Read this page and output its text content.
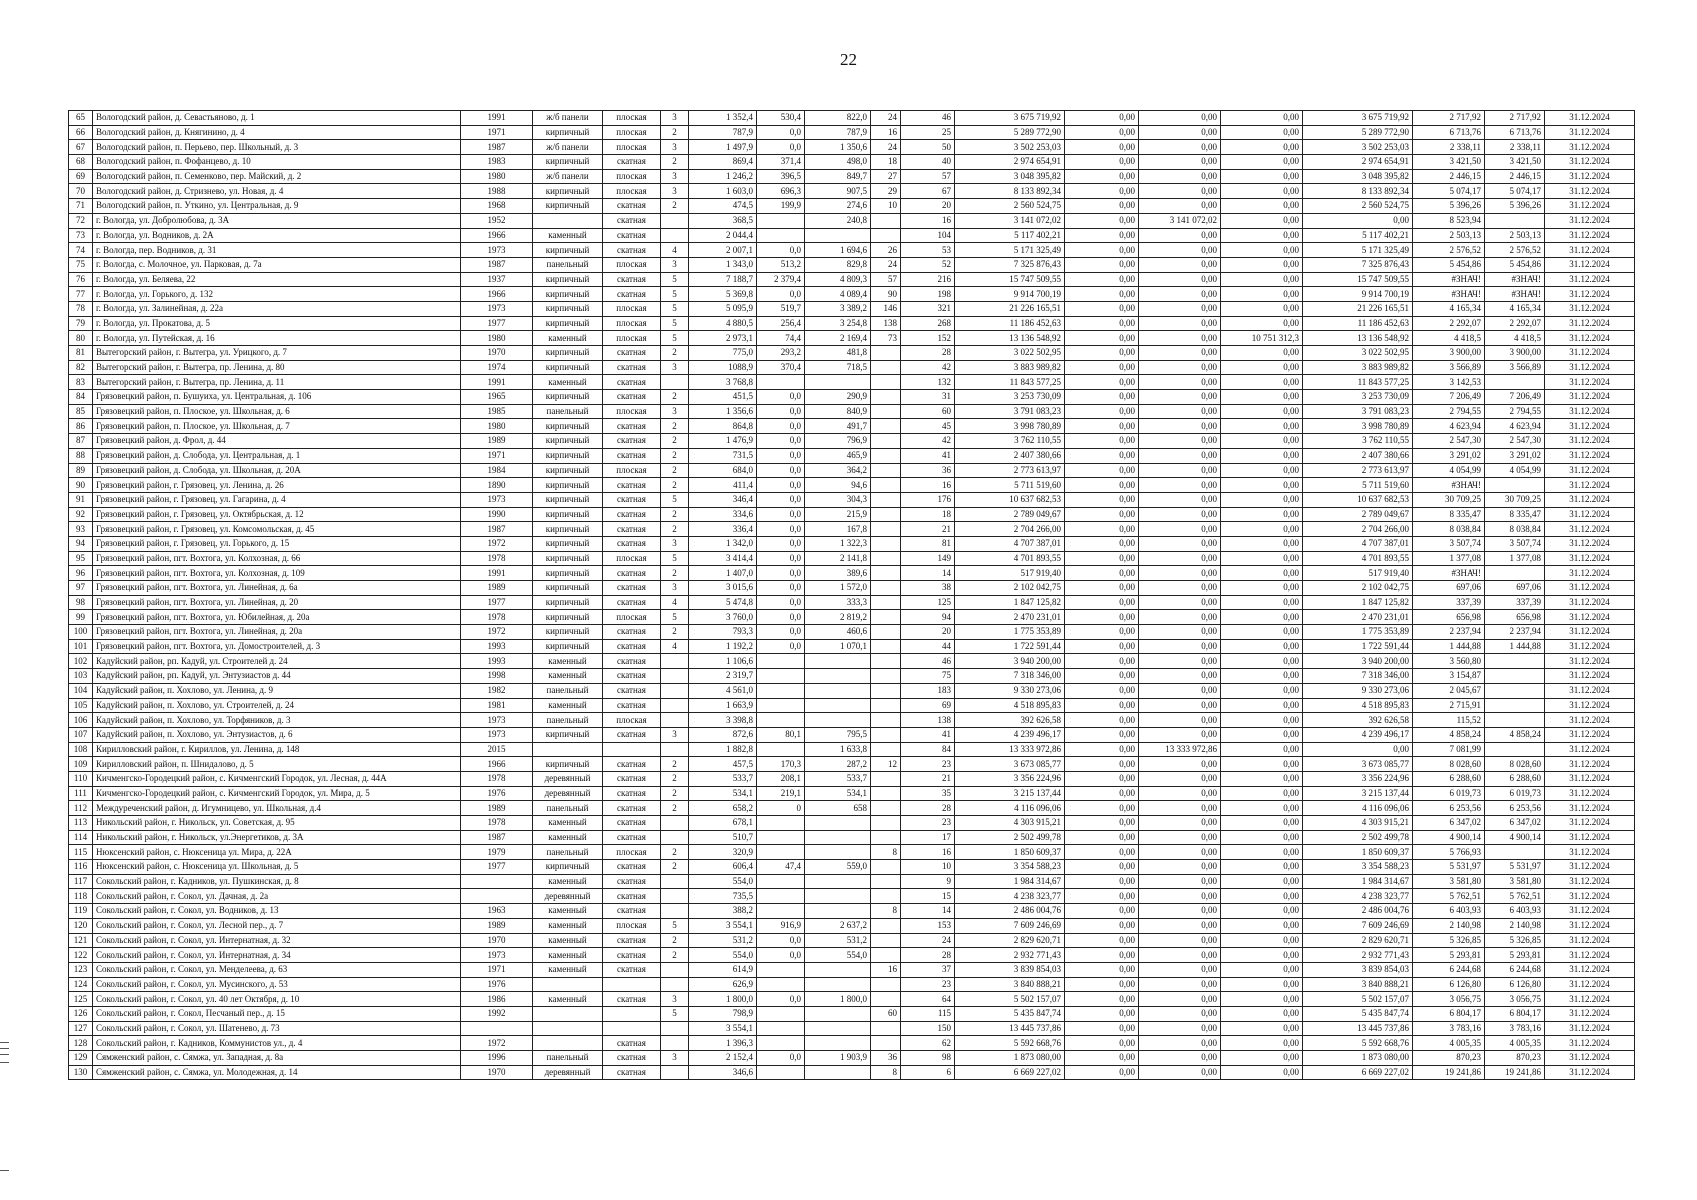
22
65	Вологодский район, д. Севастьяново, д. 1	1991	ж/б панели	плоская	3	1 352,4	530,4	822,0	24	46	3 675 719,92	0,00	0,00	0,00	3 675 719,92	2 717,92	2 717,92	31.12.2024
66	Вологодский район, д. Княгинино, д. 4	1971	кирпичный	плоская	2	787,9	0,0	787,9	16	25	5 289 772,90	0,00	0,00	0,00	5 289 772,90	6 713,76	6 713,76	31.12.2024
67	Вологодский район, п. Перьево, пер. Школьный, д. 3	1987	ж/б панели	плоская	3	1 497,9	0,0	1 350,6	24	50	3 502 253,03	0,00	0,00	0,00	3 502 253,03	2 338,11	2 338,11	31.12.2024
68	Вологодский район, п. Фофанцево, д. 10	1983	кирпичный	скатная	2	869,4	371,4	498,0	18	40	2 974 654,91	0,00	0,00	0,00	2 974 654,91	3 421,50	3 421,50	31.12.2024
69	Вологодский район, п. Семенково, пер. Майский, д. 2	1980	ж/б панели	плоская	3	1 246,2	396,5	849,7	27	57	3 048 395,82	0,00	0,00	0,00	3 048 395,82	2 446,15	2 446,15	31.12.2024
70	Вологодский район, д. Стризнево, ул. Новая, д. 4	1988	кирпичный	плоская	3	1 603,0	696,3	907,5	29	67	8 133 892,34	0,00	0,00	0,00	8 133 892,34	5 074,17	5 074,17	31.12.2024
71	Вологодский район, п. Уткино, ул. Центральная, д. 9	1968	кирпичный	скатная	2	474,5	199,9	274,6	10	20	2 560 524,75	0,00	0,00	0,00	2 560 524,75	5 396,26	5 396,26	31.12.2024
72	г. Вологда, ул. Добролюбова, д. 3А	1952		скатная		368,5		240,8		16	3 141 072,02	0,00	3 141 072,02	0,00	0,00	8 523,94		31.12.2024
73	г. Вологда, ул. Водников, д. 2А	1966	каменный	скатная		2 044,4				104	5 117 402,21	0,00	0,00	0,00	5 117 402,21	2 503,13	2 503,13	31.12.2024
74	г. Вологда, пер. Водников, д. 31	1973	кирпичный	скатная	4	2 007,1	0,0	1 694,6	26	53	5 171 325,49	0,00	0,00	0,00	5 171 325,49	2 576,52	2 576,52	31.12.2024
75	г. Вологда, с. Молочное, ул. Парковая, д. 7а	1987	панельный	плоская	3	1 343,0	513,2	829,8	24	52	7 325 876,43	0,00	0,00	0,00	7 325 876,43	5 454,86	5 454,86	31.12.2024
76	г. Вологда, ул. Беляева, 22	1937	кирпичный	скатная	5	7 188,7	2 379,4	4 809,3	57	216	15 747 509,55	0,00	0,00	0,00	15 747 509,55	#ЗНАЧ!	#ЗНАЧ!	31.12.2024
77	г. Вологда, ул. Горького, д. 132	1966	кирпичный	скатная	5	5 369,8	0,0	4 089,4	90	198	9 914 700,19	0,00	0,00	0,00	9 914 700,19	#ЗНАЧ!	#ЗНАЧ!	31.12.2024
78	г. Вологда, ул. Залинейная, д. 22а	1973	кирпичный	плоская	5	5 095,9	519,7	3 389,2	146	321	21 226 165,51	0,00	0,00	0,00	21 226 165,51	4 165,34	4 165,34	31.12.2024
79	г. Вологда, ул. Прокатова, д. 5	1977	кирпичный	плоская	5	4 880,5	256,4	3 254,8	138	268	11 186 452,63	0,00	0,00	0,00	11 186 452,63	2 292,07	2 292,07	31.12.2024
80	г. Вологда, ул. Путейская, д. 16	1980	каменный	плоская	5	2 973,1	74,4	2 169,4	73	152	13 136 548,92	0,00	0,00	10 751 312,3	13 136 548,92	4 418,5	4 418,5	31.12.2024
81	Вытегорский район, г. Вытегра, ул. Урицкого, д. 7	1970	кирпичный	скатная	2	775,0	293,2	481,8		28	3 022 502,95	0,00	0,00	0,00	3 022 502,95	3 900,00	3 900,00	31.12.2024
82	Вытегорский район, г. Вытегра, пр. Ленина, д. 80	1974	кирпичный	скатная	3	1088,9	370,4	718,5		42	3 883 989,82	0,00	0,00	0,00	3 883 989,82	3 566,89	3 566,89	31.12.2024
83	Вытегорский район, г. Вытегра, пр. Ленина, д. 11	1991	каменный	скатная		3 768,8				132	11 843 577,25	0,00	0,00	0,00	11 843 577,25	3 142,53		31.12.2024
84	Грязовецкий район, п. Бушуиха, ул. Центральная, д. 106	1965	кирпичный	скатная	2	451,5	0,0	290,9		31	3 253 730,09	0,00	0,00	0,00	3 253 730,09	7 206,49	7 206,49	31.12.2024
85	Грязовецкий район, п. Плоское, ул. Школьная, д. 6	1985	панельный	плоская	3	1 356,6	0,0	840,9		60	3 791 083,23	0,00	0,00	0,00	3 791 083,23	2 794,55	2 794,55	31.12.2024
86	Грязовецкий район, п. Плоское, ул. Школьная, д. 7	1980	кирпичный	скатная	2	864,8	0,0	491,7		45	3 998 780,89	0,00	0,00	0,00	3 998 780,89	4 623,94	4 623,94	31.12.2024
87	Грязовецкий район, д. Фрол, д. 44	1989	кирпичный	скатная	2	1 476,9	0,0	796,9		42	3 762 110,55	0,00	0,00	0,00	3 762 110,55	2 547,30	2 547,30	31.12.2024
88	Грязовецкий район, д. Слобода, ул. Центральная, д. 1	1971	кирпичный	скатная	2	731,5	0,0	465,9		41	2 407 380,66	0,00	0,00	0,00	2 407 380,66	3 291,02	3 291,02	31.12.2024
89	Грязовецкий район, д. Слобода, ул. Школьная, д. 20А	1984	кирпичный	плоская	2	684,0	0,0	364,2		36	2 773 613,97	0,00	0,00	0,00	2 773 613,97	4 054,99	4 054,99	31.12.2024
90	Грязовецкий район, г. Грязовец, ул. Ленина, д. 26	1890	кирпичный	скатная	2	411,4	0,0	94,6		16	5 711 519,60	0,00	0,00	0,00	5 711 519,60	#ЗНАЧ!		31.12.2024
91	Грязовецкий район, г. Грязовец, ул. Гагарина, д. 4	1973	кирпичный	скатная	5	346,4	0,0	304,3		176	10 637 682,53	0,00	0,00	0,00	10 637 682,53	30 709,25	30 709,25	31.12.2024
92	Грязовецкий район, г. Грязовец, ул. Октябрьская, д. 12	1990	кирпичный	скатная	2	334,6	0,0	215,9		18	2 789 049,67	0,00	0,00	0,00	2 789 049,67	8 335,47	8 335,47	31.12.2024
93	Грязовецкий район, г. Грязовец, ул. Комсомольская, д. 45	1987	кирпичный	скатная	2	336,4	0,0	167,8		21	2 704 266,00	0,00	0,00	0,00	2 704 266,00	8 038,84	8 038,84	31.12.2024
94	Грязовецкий район, г. Грязовец, ул. Горького, д. 15	1972	кирпичный	скатная	3	1 342,0	0,0	1 322,3		81	4 707 387,01	0,00	0,00	0,00	4 707 387,01	3 507,74	3 507,74	31.12.2024
95	Грязовецкий район, пгт. Вохтога, ул. Колхозная, д. 66	1978	кирпичный	плоская	5	3 414,4	0,0	2 141,8		149	4 701 893,55	0,00	0,00	0,00	4 701 893,55	1 377,08	1 377,08	31.12.2024
96	Грязовецкий район, пгт. Вохтога, ул. Колхозная, д. 109	1991	кирпичный	скатная	2	1 407,0	0,0	389,6		14	517 919,40	0,00	0,00	0,00	517 919,40	#ЗНАЧ!		31.12.2024
97	Грязовецкий район, пгт. Вохтога, ул. Линейная, д. 6а	1989	кирпичный	скатная	3	3 015,6	0,0	1 572,0		38	2 102 042,75	0,00	0,00	0,00	2 102 042,75	697,06	697,06	31.12.2024
98	Грязовецкий район, пгт. Вохтога, ул. Линейная, д. 20	1977	кирпичный	скатная	4	5 474,8	0,0	333,3		125	1 847 125,82	0,00	0,00	0,00	1 847 125,82	337,39	337,39	31.12.2024
99	Грязовецкий район, пгт. Вохтога, ул. Юбилейная, д. 20а	1978	кирпичный	плоская	5	3 760,0	0,0	2 819,2		94	2 470 231,01	0,00	0,00	0,00	2 470 231,01	656,98	656,98	31.12.2024
100	Грязовецкий район, пгт. Вохтога, ул. Линейная, д. 20а	1972	кирпичный	скатная	2	793,3	0,0	460,6		20	1 775 353,89	0,00	0,00	0,00	1 775 353,89	2 237,94	2 237,94	31.12.2024
101	Грязовецкий район, пгт. Вохтога, ул. Домостроителей, д. 3	1993	кирпичный	скатная	4	1 192,2	0,0	1 070,1		44	1 722 591,44	0,00	0,00	0,00	1 722 591,44	1 444,88	1 444,88	31.12.2024
102	Кадуйский район, рп. Кадуй, ул. Строителей д. 24	1993	каменный	скатная		1 106,6				46	3 940 200,00	0,00	0,00	0,00	3 940 200,00	3 560,80		31.12.2024
103	Кадуйский район, рп. Кадуй, ул. Энтузиастов д. 44	1998	каменный	скатная		2 319,7				75	7 318 346,00	0,00	0,00	0,00	7 318 346,00	3 154,87		31.12.2024
104	Кадуйский район, п. Хохлово, ул. Ленина, д. 9	1982	панельный	скатная		4 561,0				183	9 330 273,06	0,00	0,00	0,00	9 330 273,06	2 045,67		31.12.2024
105	Кадуйский район, п. Хохлово, ул. Строителей, д. 24	1981	каменный	скатная		1 663,9				69	4 518 895,83	0,00	0,00	0,00	4 518 895,83	2 715,91		31.12.2024
106	Кадуйский район, п. Хохлово, ул. Торфяников, д. 3	1973	панельный	плоская		3 398,8				138	392 626,58	0,00	0,00	0,00	392 626,58	115,52		31.12.2024
107	Кадуйский район, п. Хохлово, ул. Энтузиастов, д. 6	1973	кирпичный	скатная	3	872,6	80,1	795,5		41	4 239 496,17	0,00	0,00	0,00	4 239 496,17	4 858,24	4 858,24	31.12.2024
108	Кирилловский район, г. Кириллов, ул. Ленина, д. 148	2015				1 882,8		1 633,8		84	13 333 972,86	0,00	13 333 972,86	0,00	0,00	7 081,99		31.12.2024
109	Кирилловский район, п. Шнидалово, д. 5	1966	кирпичный	скатная	2	457,5	170,3	287,2	12	23	3 673 085,77	0,00	0,00	0,00	3 673 085,77	8 028,60	8 028,60	31.12.2024
110	Кичменгско-Городецкий район, с. Кичменгский Городок, ул. Лесная, д. 44А	1978	деревянный	скатная	2	533,7	208,1	533,7		21	3 356 224,96	0,00	0,00	0,00	3 356 224,96	6 288,60	6 288,60	31.12.2024
111	Кичменгско-Городецкий район, с. Кичменгский Городок, ул. Мира, д. 5	1976	деревянный	скатная	2	534,1	219,1	534,1		35	3 215 137,44	0,00	0,00	0,00	3 215 137,44	6 019,73	6 019,73	31.12.2024
112	Междуреченский район, д. Игумницево, ул. Школьная, д.4	1989	панельный	скатная	2	658,2	0	658		28	4 116 096,06	0,00	0,00	0,00	4 116 096,06	6 253,56	6 253,56	31.12.2024
113	Никольский район, г. Никольск, ул. Советская, д. 95	1978	каменный	скатная		678,1				23	4 303 915,21	0,00	0,00	0,00	4 303 915,21	6 347,02	6 347,02	31.12.2024
114	Никольский район, г. Никольск, ул.Энергетиков, д. 3А	1987	каменный	скатная		510,7				17	2 502 499,78	0,00	0,00	0,00	2 502 499,78	4 900,14	4 900,14	31.12.2024
115	Нюксенский район, с. Нюксеница ул. Мира, д. 22А	1979	панельный	плоская	2	320,9			8	16	1 850 609,37	0,00	0,00	0,00	1 850 609,37	5 766,93		31.12.2024
116	Нюксенский район, с. Нюксеница ул. Школьная, д. 5	1977	кирпичный	скатная	2	606,4	47,4	559,0		10	3 354 588,23	0,00	0,00	0,00	3 354 588,23	5 531,97	5 531,97	31.12.2024
117	Сокольский район, г. Кадников, ул. Пушкинская, д. 8		каменный	скатная		554,0				9	1 984 314,67	0,00	0,00	0,00	1 984 314,67	3 581,80	3 581,80	31.12.2024
118	Сокольский район, г. Сокол, ул. Дачная, д. 2а		деревянный	скатная		735,5				15	4 238 323,77	0,00	0,00	0,00	4 238 323,77	5 762,51	5 762,51	31.12.2024
119	Сокольский район, г. Сокол, ул. Водников, д. 13	1963	каменный	скатная		388,2			8	14	2 486 004,76	0,00	0,00	0,00	2 486 004,76	6 403,93	6 403,93	31.12.2024
120	Сокольский район, г. Сокол, ул. Лесной пер., д. 7	1989	каменный	плоская	5	3 554,1	916,9	2 637,2		153	7 609 246,69	0,00	0,00	0,00	7 609 246,69	2 140,98	2 140,98	31.12.2024
121	Сокольский район, г. Сокол, ул. Интернатная, д. 32	1970	каменный	скатная	2	531,2	0,0	531,2		24	2 829 620,71	0,00	0,00	0,00	2 829 620,71	5 326,85	5 326,85	31.12.2024
122	Сокольский район, г. Сокол, ул. Интернатная, д. 34	1973	каменный	скатная	2	554,0	0,0	554,0		28	2 932 771,43	0,00	0,00	0,00	2 932 771,43	5 293,81	5 293,81	31.12.2024
123	Сокольский район, г. Сокол, ул. Менделеева, д. 63	1971	каменный	скатная		614,9			16	37	3 839 854,03	0,00	0,00	0,00	3 839 854,03	6 244,68	6 244,68	31.12.2024
124	Сокольский район, г. Сокол, ул. Мусинского, д. 53	1976				626,9				23	3 840 888,21	0,00	0,00	0,00	3 840 888,21	6 126,80	6 126,80	31.12.2024
125	Сокольский район, г. Сокол, ул. 40 лет Октября, д. 10	1986	каменный	скатная	3	1 800,0	0,0	1 800,0		64	5 502 157,07	0,00	0,00	0,00	5 502 157,07	3 056,75	3 056,75	31.12.2024
126	Сокольский район, г. Сокол, Песчаный пер., д. 15	1992			5	798,9			60	115	5 435 847,74	0,00	0,00	0,00	5 435 847,74	6 804,17	6 804,17	31.12.2024
127	Сокольский район, г. Сокол, ул. Шатенево, д. 73					3 554,1				150	13 445 737,86	0,00	0,00	0,00	13 445 737,86	3 783,16	3 783,16	31.12.2024
128	Сокольский район, г. Кадников, Коммунистов ул., д. 4	1972		скатная		1 396,3				62	5 592 668,76	0,00	0,00	0,00	5 592 668,76	4 005,35	4 005,35	31.12.2024
129	Сямженский район, с. Сямжа, ул. Западная, д. 8а	1996	панельный	скатная	3	2 152,4	0,0	1 903,9	36	98	1 873 080,00	0,00	0,00	0,00	1 873 080,00	870,23	870,23	31.12.2024
130	Сямженский район, с. Сямжа, ул. Молодежная, д. 14	1970	деревянный	скатная		346,6			8	6	6 669 227,02	0,00	0,00	0,00	6 669 227,02	19 241,86	19 241,86	31.12.2024
